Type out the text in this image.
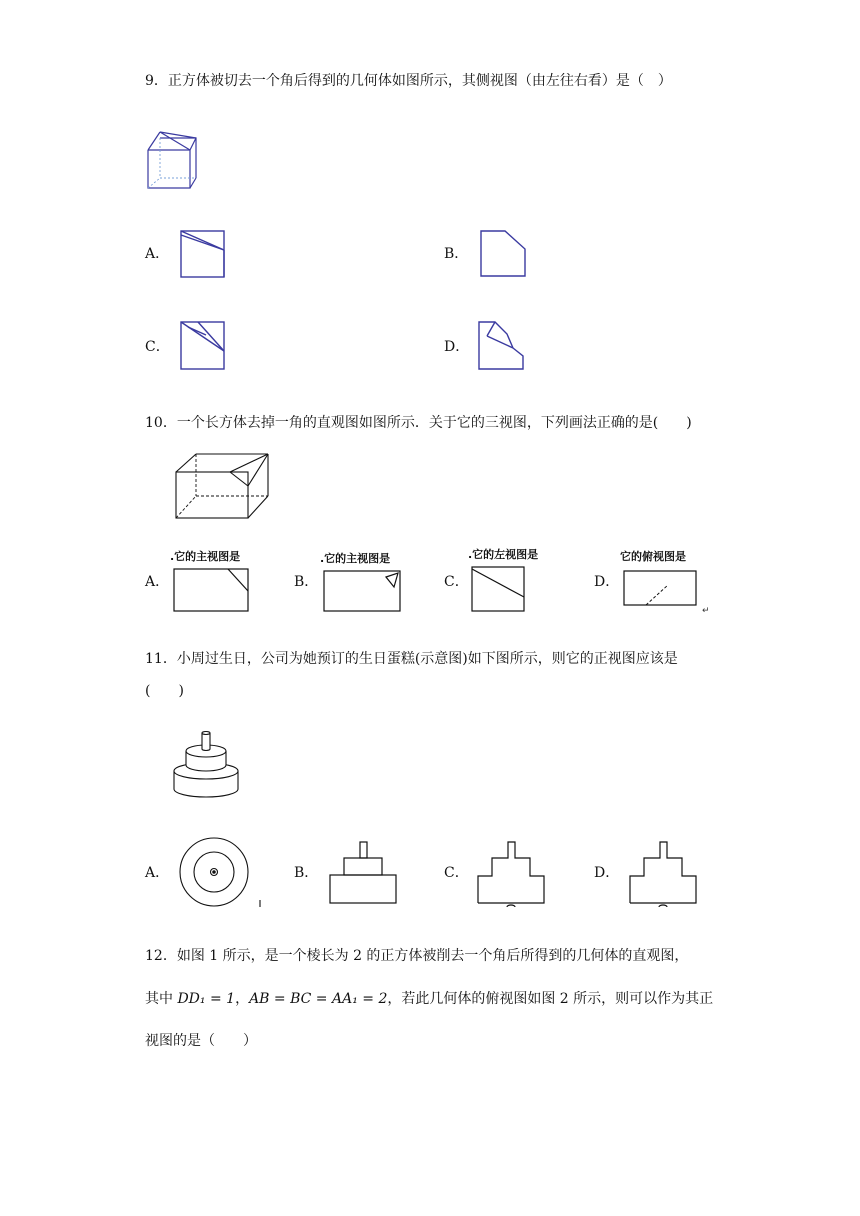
9．正方体被切去一个角后得到的几何体如图所示，其侧视图（由左往右看）是（　）
A．	B．
C．	D．
10．一个长方体去掉一角的直观图如图所示．关于它的三视图，下列画法正确的是(　　)
A．
.它的主视图是
B．
.它的主视图是
C．
.它的左视图是
D．
它的俯视图是
↵
11．小周过生日，公司为她预订的生日蛋糕(示意图)如下图所示，则它的正视图应该是
(　　)
A．	B．	C．	D．
12．如图 1 所示，是一个棱长为 2 的正方体被削去一个角后所得到的几何体的直观图，
其中 DD₁ = 1，AB = BC = AA₁ = 2，若此几何体的俯视图如图 2 所示，则可以作为其正
视图的是（　　）
